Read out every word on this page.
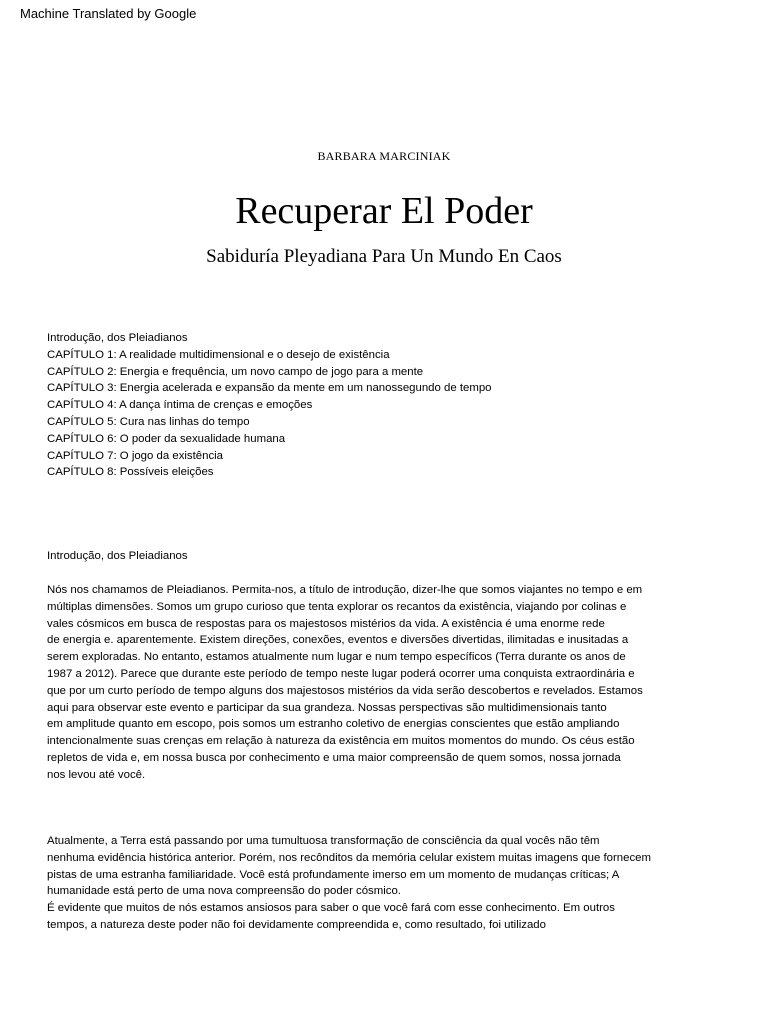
Machine Translated by Google
BARBARA MARCINIAK
Recuperar El Poder
Sabiduría Pleyadiana Para Un Mundo En Caos
Introdução, dos Pleiadianos
CAPÍTULO 1: A realidade multidimensional e o desejo de existência
CAPÍTULO 2: Energia e frequência, um novo campo de jogo para a mente
CAPÍTULO 3: Energia acelerada e expansão da mente em um nanossegundo de tempo
CAPÍTULO 4: A dança íntima de crenças e emoções
CAPÍTULO 5: Cura nas linhas do tempo
CAPÍTULO 6: O poder da sexualidade humana
CAPÍTULO 7: O jogo da existência
CAPÍTULO 8: Possíveis eleições
Introdução, dos Pleiadianos
Nós nos chamamos de Pleiadianos. Permita-nos, a título de introdução, dizer-lhe que somos viajantes no tempo e em
múltiplas dimensões. Somos um grupo curioso que tenta explorar os recantos da existência, viajando por colinas e
vales cósmicos em busca de respostas para os majestosos mistérios da vida. A existência é uma enorme rede
de energia e. aparentemente. Existem direções, conexões, eventos e diversões divertidas, ilimitadas e inusitadas a
serem exploradas. No entanto, estamos atualmente num lugar e num tempo específicos (Terra durante os anos de
1987 a 2012). Parece que durante este período de tempo neste lugar poderá ocorrer uma conquista extraordinária e
que por um curto período de tempo alguns dos majestosos mistérios da vida serão descobertos e revelados. Estamos
aqui para observar este evento e participar da sua grandeza. Nossas perspectivas são multidimensionais tanto
em amplitude quanto em escopo, pois somos um estranho coletivo de energias conscientes que estão ampliando
intencionalmente suas crenças em relação à natureza da existência em muitos momentos do mundo. Os céus estão
repletos de vida e, em nossa busca por conhecimento e uma maior compreensão de quem somos, nossa jornada
nos levou até você.
Atualmente, a Terra está passando por uma tumultuosa transformação de consciência da qual vocês não têm
nenhuma evidência histórica anterior. Porém, nos recônditos da memória celular existem muitas imagens que fornecem
pistas de uma estranha familiaridade. Você está profundamente imerso em um momento de mudanças críticas; A
humanidade está perto de uma nova compreensão do poder cósmico.
É evidente que muitos de nós estamos ansiosos para saber o que você fará com esse conhecimento. Em outros
tempos, a natureza deste poder não foi devidamente compreendida e, como resultado, foi utilizado
